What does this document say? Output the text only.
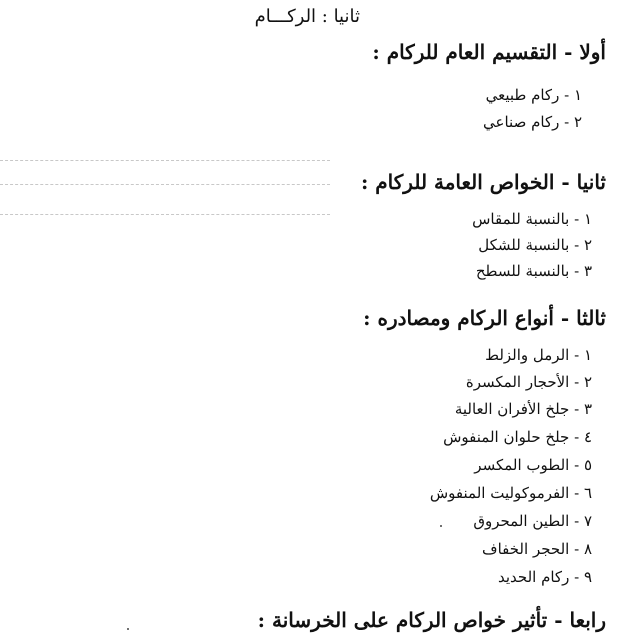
ثانيا : الركـــام
أولا - التقسيم العام للركام :
١ - ركام طبيعي
٢ - ركام صناعي
ثانيا - الخواص العامة للركام :
١ - بالنسبة للمقاس
٢ - بالنسبة للشكل
٣ - بالنسبة للسطح
ثالثا - أنواع الركام ومصادره :
١ - الرمل والزلط
٢ - الأحجار المكسرة
٣ - جلخ الأفران العالية
٤ - جلخ حلوان المنفوش
٥ - الطوب المكسر
٦ - الفرموكوليت المنفوش
٧ - الطين المحروق
٨ - الحجر الخفاف
٩ - ركام الحديد
رابعا - تأثير خواص الركام على الخرسانة :
